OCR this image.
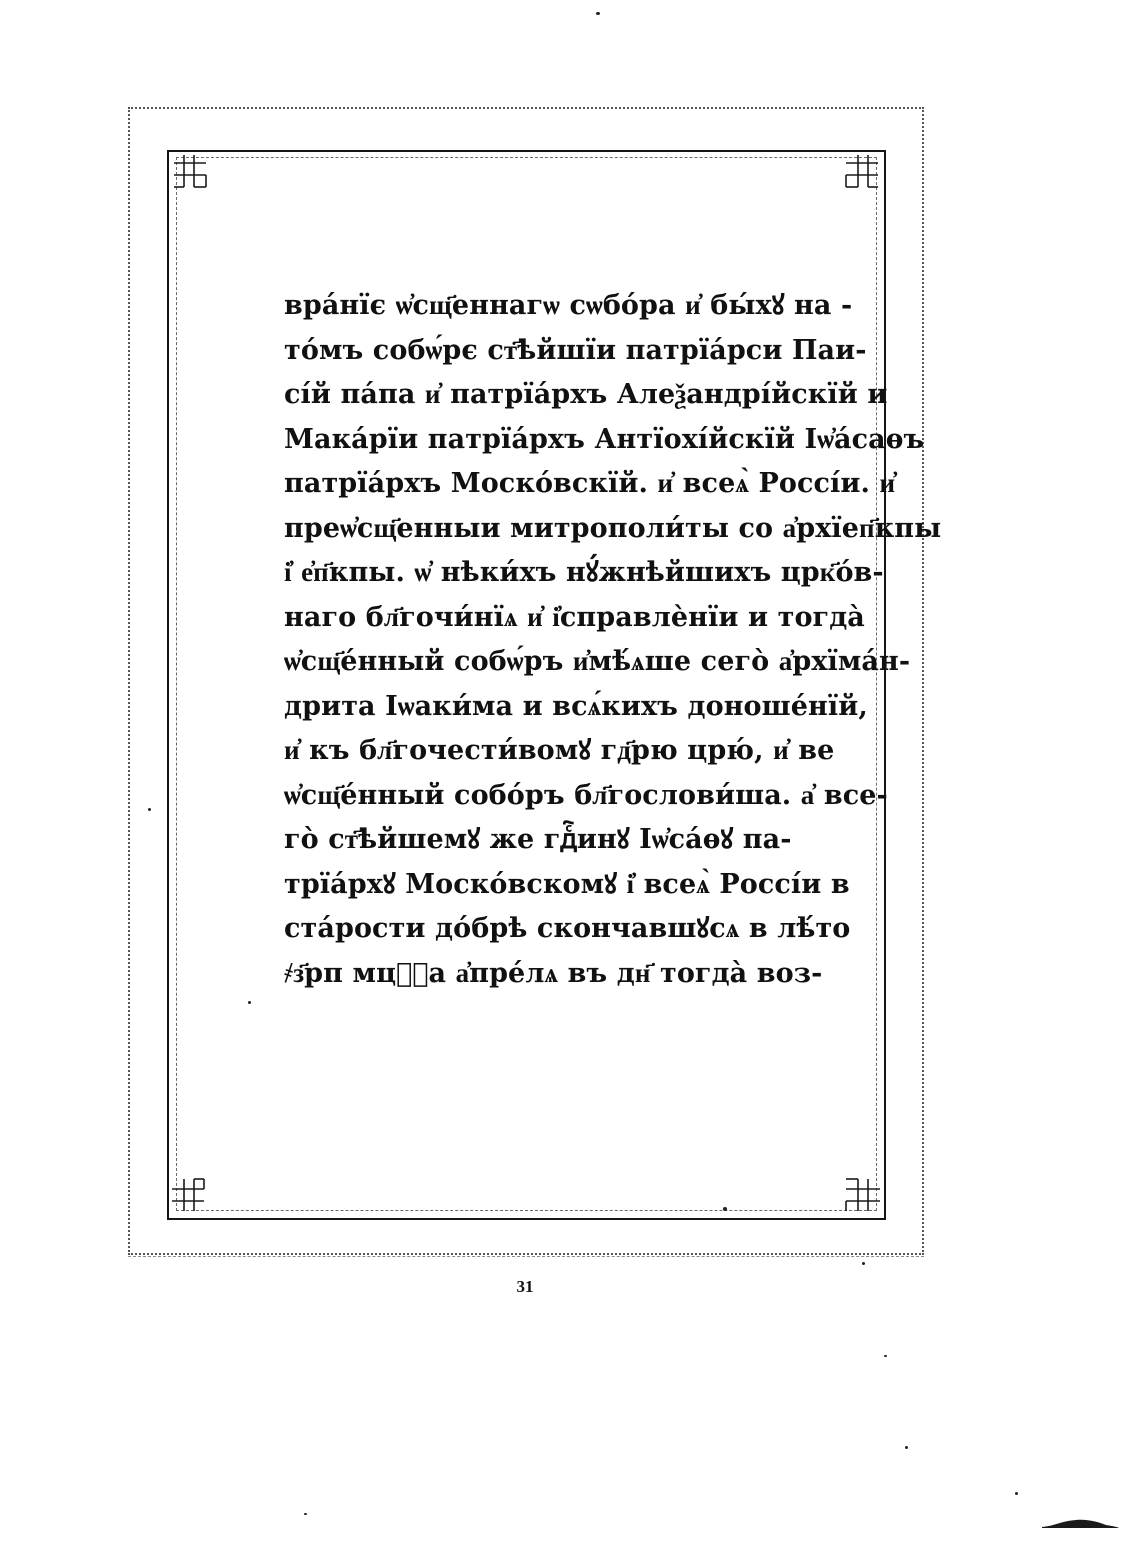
вра́нїє ѡ҆сщ҃еннагѡ сѡбо́ра и҆ бы́хꙋ на -
то́мъ собѡ́рє ст҃ѣйшїи патрїа́рси Паи-
сі́й па́па и҆ патрїа́рхъ Алеѯандрі́йскїй и
Мака́рїи патрїа́рхъ Антїохі́йскїй Іѡ҆а́саѳъ
патрїа́рхъ Моско́вскїй. и҆ всеѧ̀ Россі́и. и҆
преѡ҆сщ҃енныи митрополи́ты со а҆рхїеп҃кпы
і҆ е҆п҃кпы. ѡ҆ нѣки́хъ нꙋ́жнѣйшихъ црк҃о́в-
наго бл҃гочи́нїѧ и҆ і҆справлѐнїи и тогда̀
ѡ҆сщ҃е́нный собѡ́ръ и҆мѣ́ѧше сего̀ а҆рхїма́н-
дрита Іѡаки́ма и всѧ́кихъ доноше́нїй,
и҆ къ бл҃гочести́вомꙋ гд҃рю црю́, и҆ ве
ѡ҆сщ҃е́нный собо́ръ бл҃гослови́ша. а҆ все-
го̀ ст҃ѣйшемꙋ же гдⷭ҇инꙋ Іѡ҆са́ѳꙋ па-
трїа́рхꙋ Моско́вскомꙋ і҆ всеѧ̀ Россі́и в
ста́рости до́брѣ скончавшꙋсѧ в лѣ́то
҂з҃рп мцⷭ҇а а҆пре́лѧ въ дн҃ тогда̀ воз-
31
